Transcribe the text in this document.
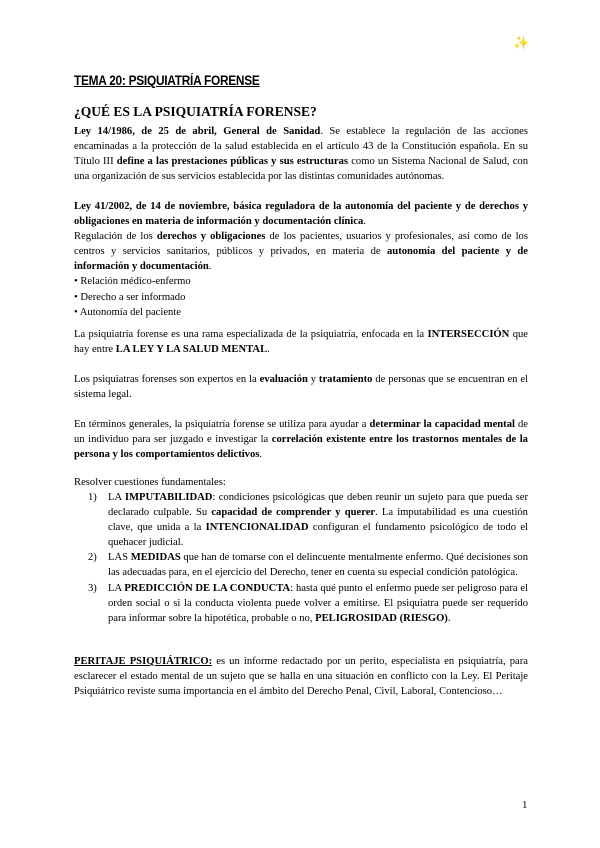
✨
TEMA 20: PSIQUIATRÍA FORENSE
¿QUÉ ES LA PSIQUIATRÍA FORENSE?

Ley 14/1986, de 25 de abril, General de Sanidad. Se establece la regulación de las acciones encaminadas a la protección de la salud establecida en el artículo 43 de la Constitución española. En su Título III define a las prestaciones públicas y sus estructuras como un Sistema Nacional de Salud, con una organización de sus servicios establecida por las distintas comunidades autónomas.

Ley 41/2002, de 14 de noviembre, básica reguladora de la autonomía del paciente y de derechos y obligaciones en materia de información y documentación clínica.

Regulación de los derechos y obligaciones de los pacientes, usuarios y profesionales, así como de los centros y servicios sanitarios, públicos y privados, en materia de autonomía del paciente y de información y documentación.

• Relación médico-enfermo

• Derecho a ser informado

• Autonomía del paciente

La psiquiatría forense es una rama especializada de la psiquiatría, enfocada en la INTERSECCIÓN que hay entre LA LEY Y LA SALUD MENTAL.

Los psiquiatras forenses son expertos en la evaluación y tratamiento de personas que se encuentran en el sistema legal.

En términos generales, la psiquiatría forense se utiliza para ayudar a determinar la capacidad mental de un individuo para ser juzgado e investigar la correlación existente entre los trastornos mentales de la persona y los comportamientos delictivos.

Resolver cuestiones fundamentales:

1) LA IMPUTABILIDAD: condiciones psicológicas que deben reunir un sujeto para que pueda ser declarado culpable. Su capacidad de comprender y querer. La imputabilidad es una cuestión clave, que unida a la INTENCIONALIDAD configuran el fundamento psicológico de todo el quehacer judicial.
2) LAS MEDIDAS que han de tomarse con el delincuente mentalmente enfermo. Qué decisiones son las adecuadas para, en el ejercicio del Derecho, tener en cuenta su especial condición patológica.
3) LA PREDICCIÓN DE LA CONDUCTA: hasta qué punto el enfermo puede ser peligroso para el orden social o si la conducta violenta puede volver a emitirse. El psiquiatra puede ser requerido para informar sobre la hipotética, probable o no, PELIGROSIDAD (RIESGO).

PERITAJE PSIQUIÁTRICO: es un informe redactado por un perito, especialista en psiquiatría, para esclarecer el estado mental de un sujeto que se halla en una situación en conflicto con la Ley. El Peritaje Psiquiátrico reviste suma importancia en el ámbito del Derecho Penal, Civil, Laboral, Contencioso…

1
